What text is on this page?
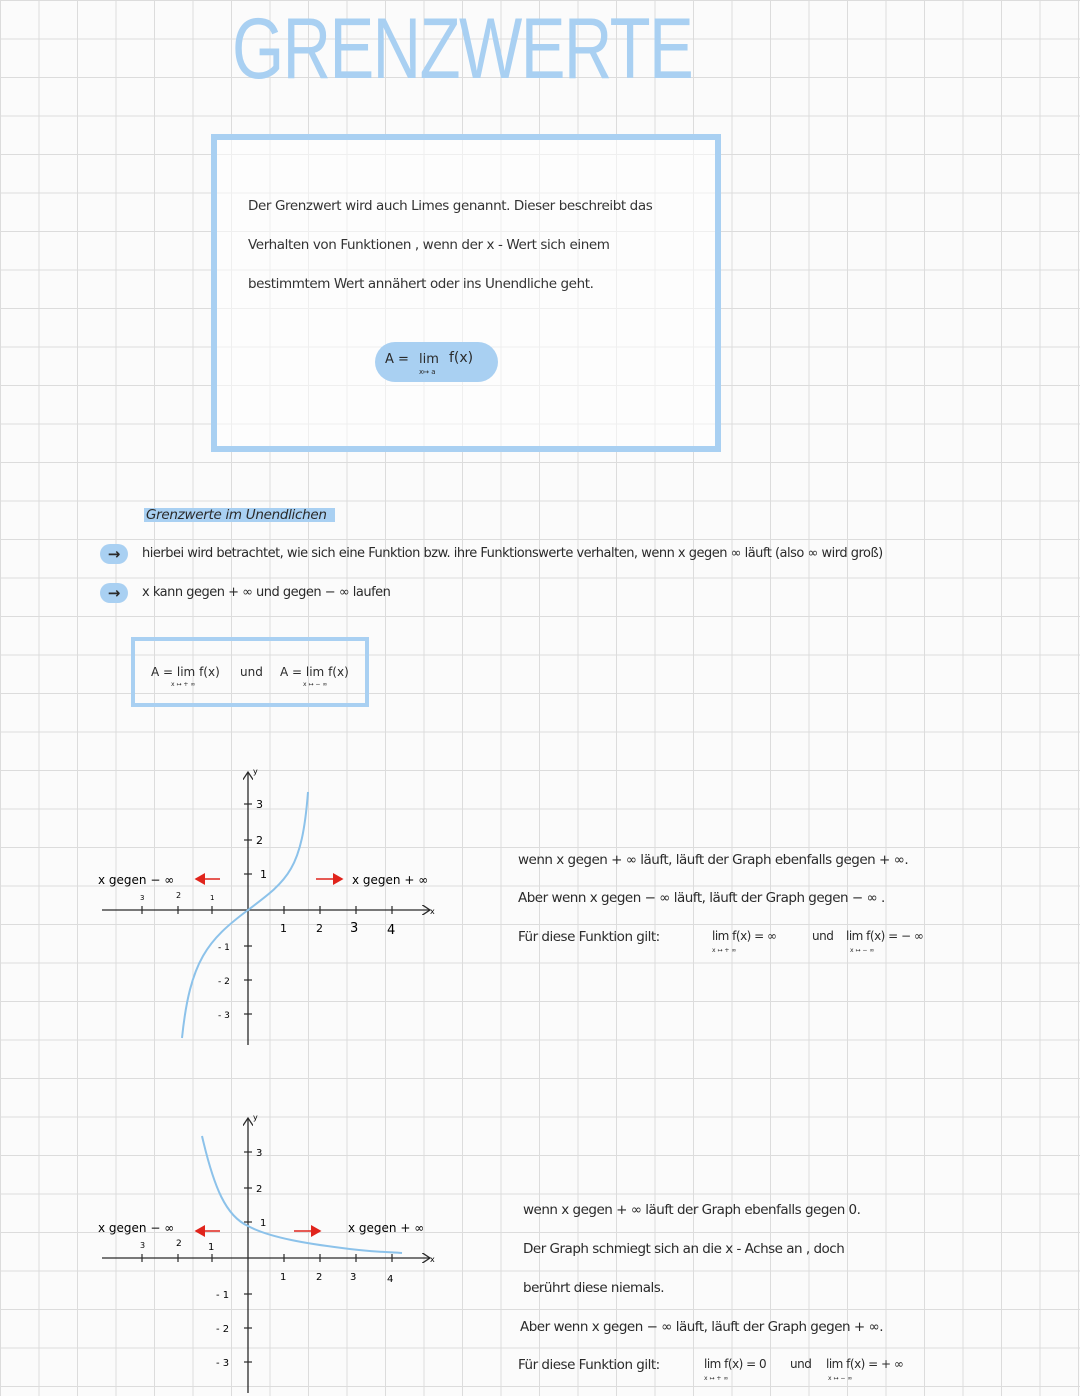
GRENZWERTE
Der Grenzwert wird auch Limes genannt. Dieser beschreibt das
Verhalten von Funktionen , wenn der x - Wert sich einem
bestimmtem Wert annähert oder ins Unendliche geht.
A = lim
x↦ a
f(x)
Grenzwerte im Unendlichen
→	hierbei wird betrachtet, wie sich eine Funktion bzw. ihre Funktionswerte verhalten, wenn x gegen ∞ läuft (also ∞ wird groß)
→	x kann gegen + ∞ und gegen − ∞ laufen
A = lim f(x)
x ↦ + ∞
und A = lim f(x)
x ↦ − ∞
x
y
1	2 3 4
3	2	1
3
2
1
- 1
- 2
- 3
x gegen − ∞	x gegen + ∞
wenn x gegen + ∞ läuft, läuft der Graph ebenfalls gegen + ∞.
Aber wenn x gegen − ∞ läuft, läuft der Graph gegen − ∞ .
Für diese Funktion gilt:	lim f(x) = ∞
x ↦ + ∞
und lim f(x) = − ∞
x ↦ − ∞
x
y
1	2	3	4
3	2	1
3
2
1
- 1
- 2
- 3
x gegen − ∞	x gegen + ∞
wenn x gegen + ∞ läuft der Graph ebenfalls gegen 0.
Der Graph schmiegt sich an die x - Achse an , doch
berührt diese niemals.
Aber wenn x gegen − ∞ läuft, läuft der Graph gegen + ∞.
Für diese Funktion gilt:	lim f(x) = 0
x ↦ + ∞
und lim f(x) = + ∞
x ↦ − ∞
